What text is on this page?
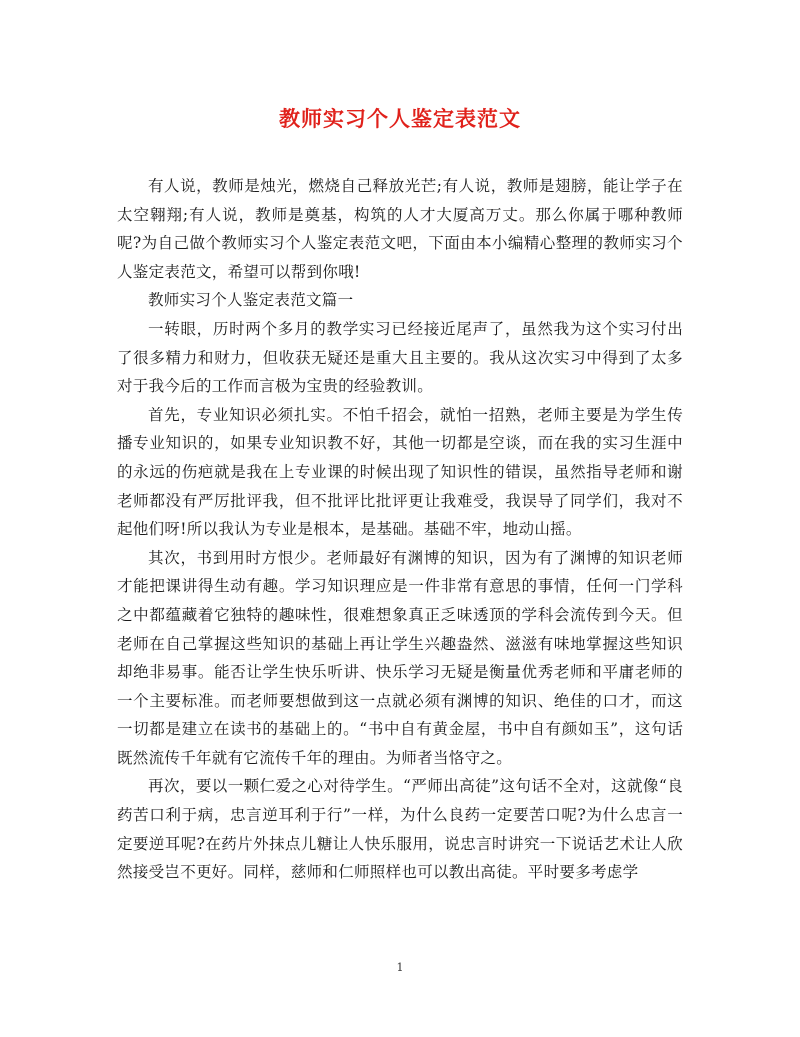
教师实习个人鉴定表范文

有人说，教师是烛光，燃烧自己释放光芒;有人说，教师是翅膀，能让学子在太空翱翔;有人说，教师是奠基，构筑的人才大厦高万丈。那么你属于哪种教师呢?为自己做个教师实习个人鉴定表范文吧，下面由本小编精心整理的教师实习个人鉴定表范文，希望可以帮到你哦!

教师实习个人鉴定表范文篇一

一转眼，历时两个多月的教学实习已经接近尾声了，虽然我为这个实习付出了很多精力和财力，但收获无疑还是重大且主要的。我从这次实习中得到了太多对于我今后的工作而言极为宝贵的经验教训。

首先，专业知识必须扎实。不怕千招会，就怕一招熟，老师主要是为学生传播专业知识的，如果专业知识教不好，其他一切都是空谈，而在我的实习生涯中的永远的伤疤就是我在上专业课的时候出现了知识性的错误，虽然指导老师和谢老师都没有严厉批评我，但不批评比批评更让我难受，我误导了同学们，我对不起他们呀!所以我认为专业是根本，是基础。基础不牢，地动山摇。

其次，书到用时方恨少。老师最好有渊博的知识，因为有了渊博的知识老师才能把课讲得生动有趣。学习知识理应是一件非常有意思的事情，任何一门学科之中都蕴藏着它独特的趣味性，很难想象真正乏味透顶的学科会流传到今天。但老师在自己掌握这些知识的基础上再让学生兴趣盎然、滋滋有味地掌握这些知识却绝非易事。能否让学生快乐听讲、快乐学习无疑是衡量优秀老师和平庸老师的一个主要标准。而老师要想做到这一点就必须有渊博的知识、绝佳的口才，而这一切都是建立在读书的基础上的。“书中自有黄金屋，书中自有颜如玉”，这句话既然流传千年就有它流传千年的理由。为师者当恪守之。

再次，要以一颗仁爱之心对待学生。“严师出高徒”这句话不全对，这就像“良药苦口利于病，忠言逆耳利于行”一样，为什么良药一定要苦口呢?为什么忠言一定要逆耳呢?在药片外抹点儿糖让人快乐服用，说忠言时讲究一下说话艺术让人欣然接受岂不更好。同样，慈师和仁师照样也可以教出高徒。平时要多考虑学

1
